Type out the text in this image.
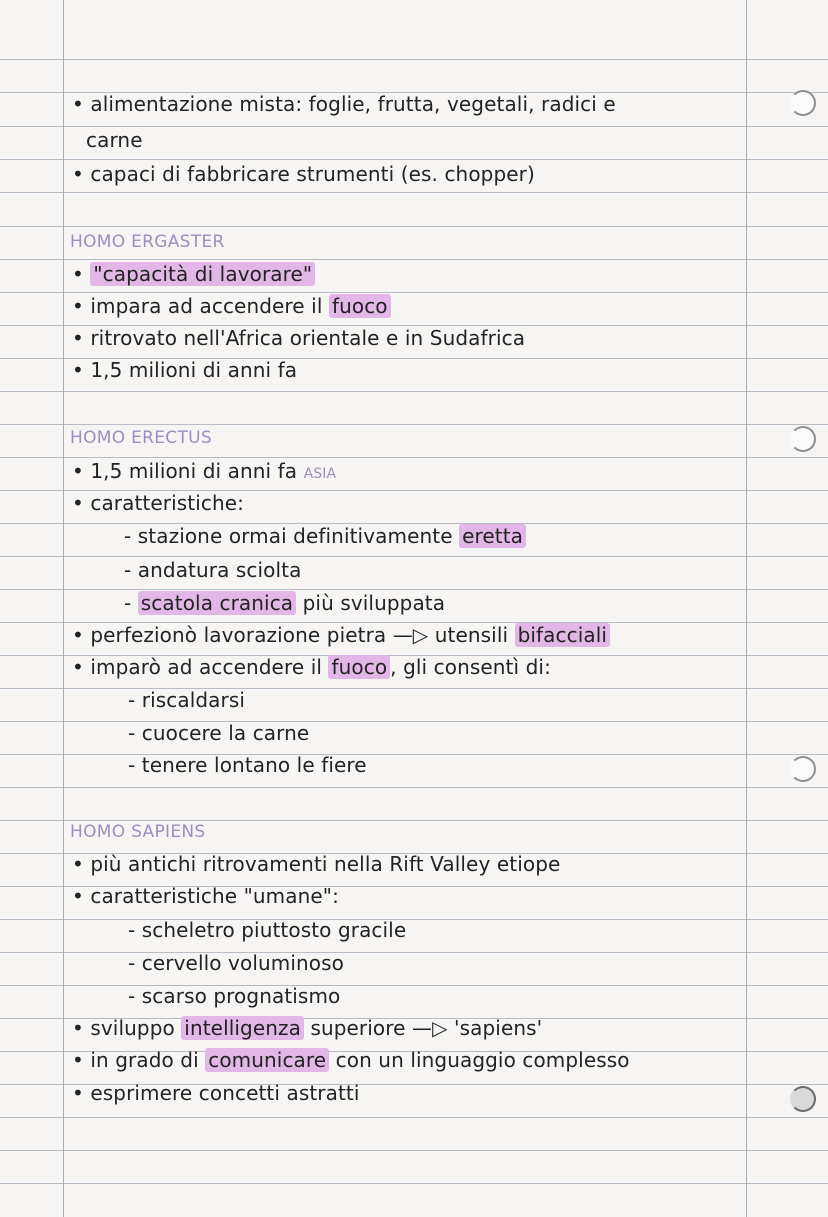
• alimentazione mista: foglie, frutta, vegetali, radici e
carne
• capaci di fabbricare strumenti (es. chopper)
HOMO ERGASTER
• "capacità di lavorare"
• impara ad accendere il fuoco
• ritrovato nell'Africa orientale e in Sudafrica
• 1,5 milioni di anni fa
HOMO ERECTUS
• 1,5 milioni di anni fa ASIA
• caratteristiche:
- stazione ormai definitivamente eretta
- andatura sciolta
- scatola cranica più sviluppata
• perfezionò lavorazione pietra —▷ utensili bifacciali
• imparò ad accendere il fuoco , gli consentì di:
- riscaldarsi
- cuocere la carne
- tenere lontano le fiere
HOMO SAPIENS
• più antichi ritrovamenti nella Rift Valley etiope
• caratteristiche "umane":
- scheletro piuttosto gracile
- cervello voluminoso
- scarso prognatismo
• sviluppo intelligenza superiore —▷ 'sapiens'
• in grado di comunicare con un linguaggio complesso
• esprimere concetti astratti
